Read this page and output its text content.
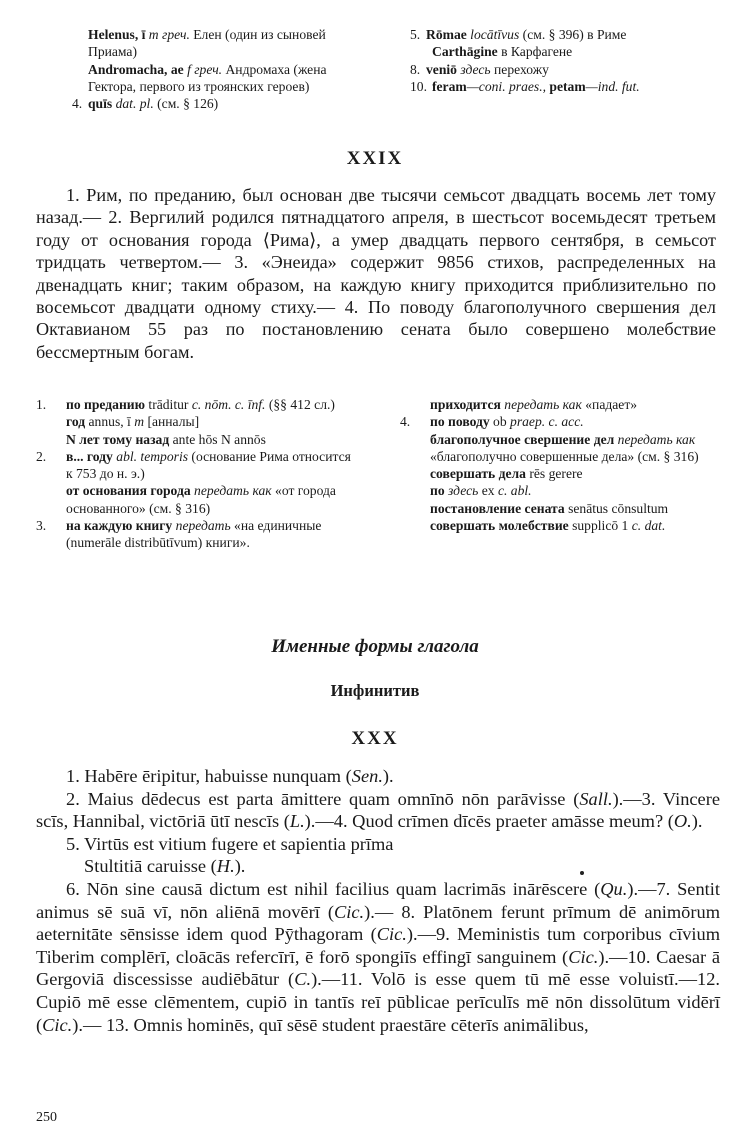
Helenus, ī m греч. Елен (один из сыновей Приама)

Andromacha, ae f греч. Андромаха (жена Гектора, первого из троянских героев)

4.quīs dat. pl. (см. § 126)

5.Rōmae locātīvus (см. § 396) в Риме

Carthāgine в Карфагене

8.veniō здесь перехожу

10.feram—coni. praes., petam—ind. fut.

XXIX

1. Рим, по преданию, был основан две тысячи семьсот двадцать восемь лет тому назад.— 2. Вергилий родился пятнадцатого апреля, в шестьсот восемьдесят третьем году от основания города ⟨Рима⟩, а умер двадцать первого сентября, в семьсот тридцать четвертом.— 3. «Энеида» содержит 9856 стихов, распределенных на двенадцать книг; таким образом, на каждую книгу приходится приблизительно по восемьсот двадцати одному стиху.— 4. По поводу благополучного свершения дел Октавианом 55 раз по постановлению сената было совершено молебствие бессмертным богам.

1. по преданию trāditur c. nōm. c. īnf. (§§ 412 сл.)

год annus, ī m [анналы]

N лет тому назад ante hōs N annōs

2. в... году abl. temporis (основание Рима относится к 753 до н. э.)

от основания города передать как «от города основанного» (см. § 316)

3. на каждую книгу передать «на единичные (numerāle distribūtīvum) книги».

приходится передать как «падает»

4. по поводу ob praep. c. acc.

благополучное свершение дел передать как «благополучно совершенные дела» (см. § 316)

совершать дела rēs gerere

по здесь ex c. abl.

постановление сената senātus cōnsultum

совершать молебствие supplicō 1 c. dat.

Именные формы глагола
Инфинитив
XXX

1. Habēre ēripitur, habuisse nunquam (Sen.).

2. Maius dēdecus est parta āmittere quam omnīnō nōn parāvisse (Sall.).—3. Vincere scīs, Hannibal, victōriā ūtī nescīs (L.).—4. Quod crīmen dīcēs praeter amāsse meum? (O.).

5. Virtūs est vitium fugere et sapientia prīma

Stultitiā caruisse (H.).

6. Nōn sine causā dictum est nihil facilius quam lacrimās inārēscere (Qu.).—7. Sentit animus sē suā vī, nōn aliēnā movērī (Cic.).— 8. Platōnem ferunt prīmum dē animōrum aeternitāte sēnsisse idem quod Pӯthagoram (Cic.).—9. Meministis tum corporibus cīvium Tiberim complērī, cloācās refercīrī, ē forō spongiīs effingī sanguinem (Cic.).—10. Caesar ā Gergoviā discessisse audiēbātur (C.).—11. Volō is esse quem tū mē esse voluistī.—12. Cupiō mē esse clēmentem, cupiō in tantīs reī pūblicae perīculīs mē nōn dissolūtum vidērī (Cic.).— 13. Omnis hominēs, quī sēsē student praestāre cēterīs animālibus,

250
